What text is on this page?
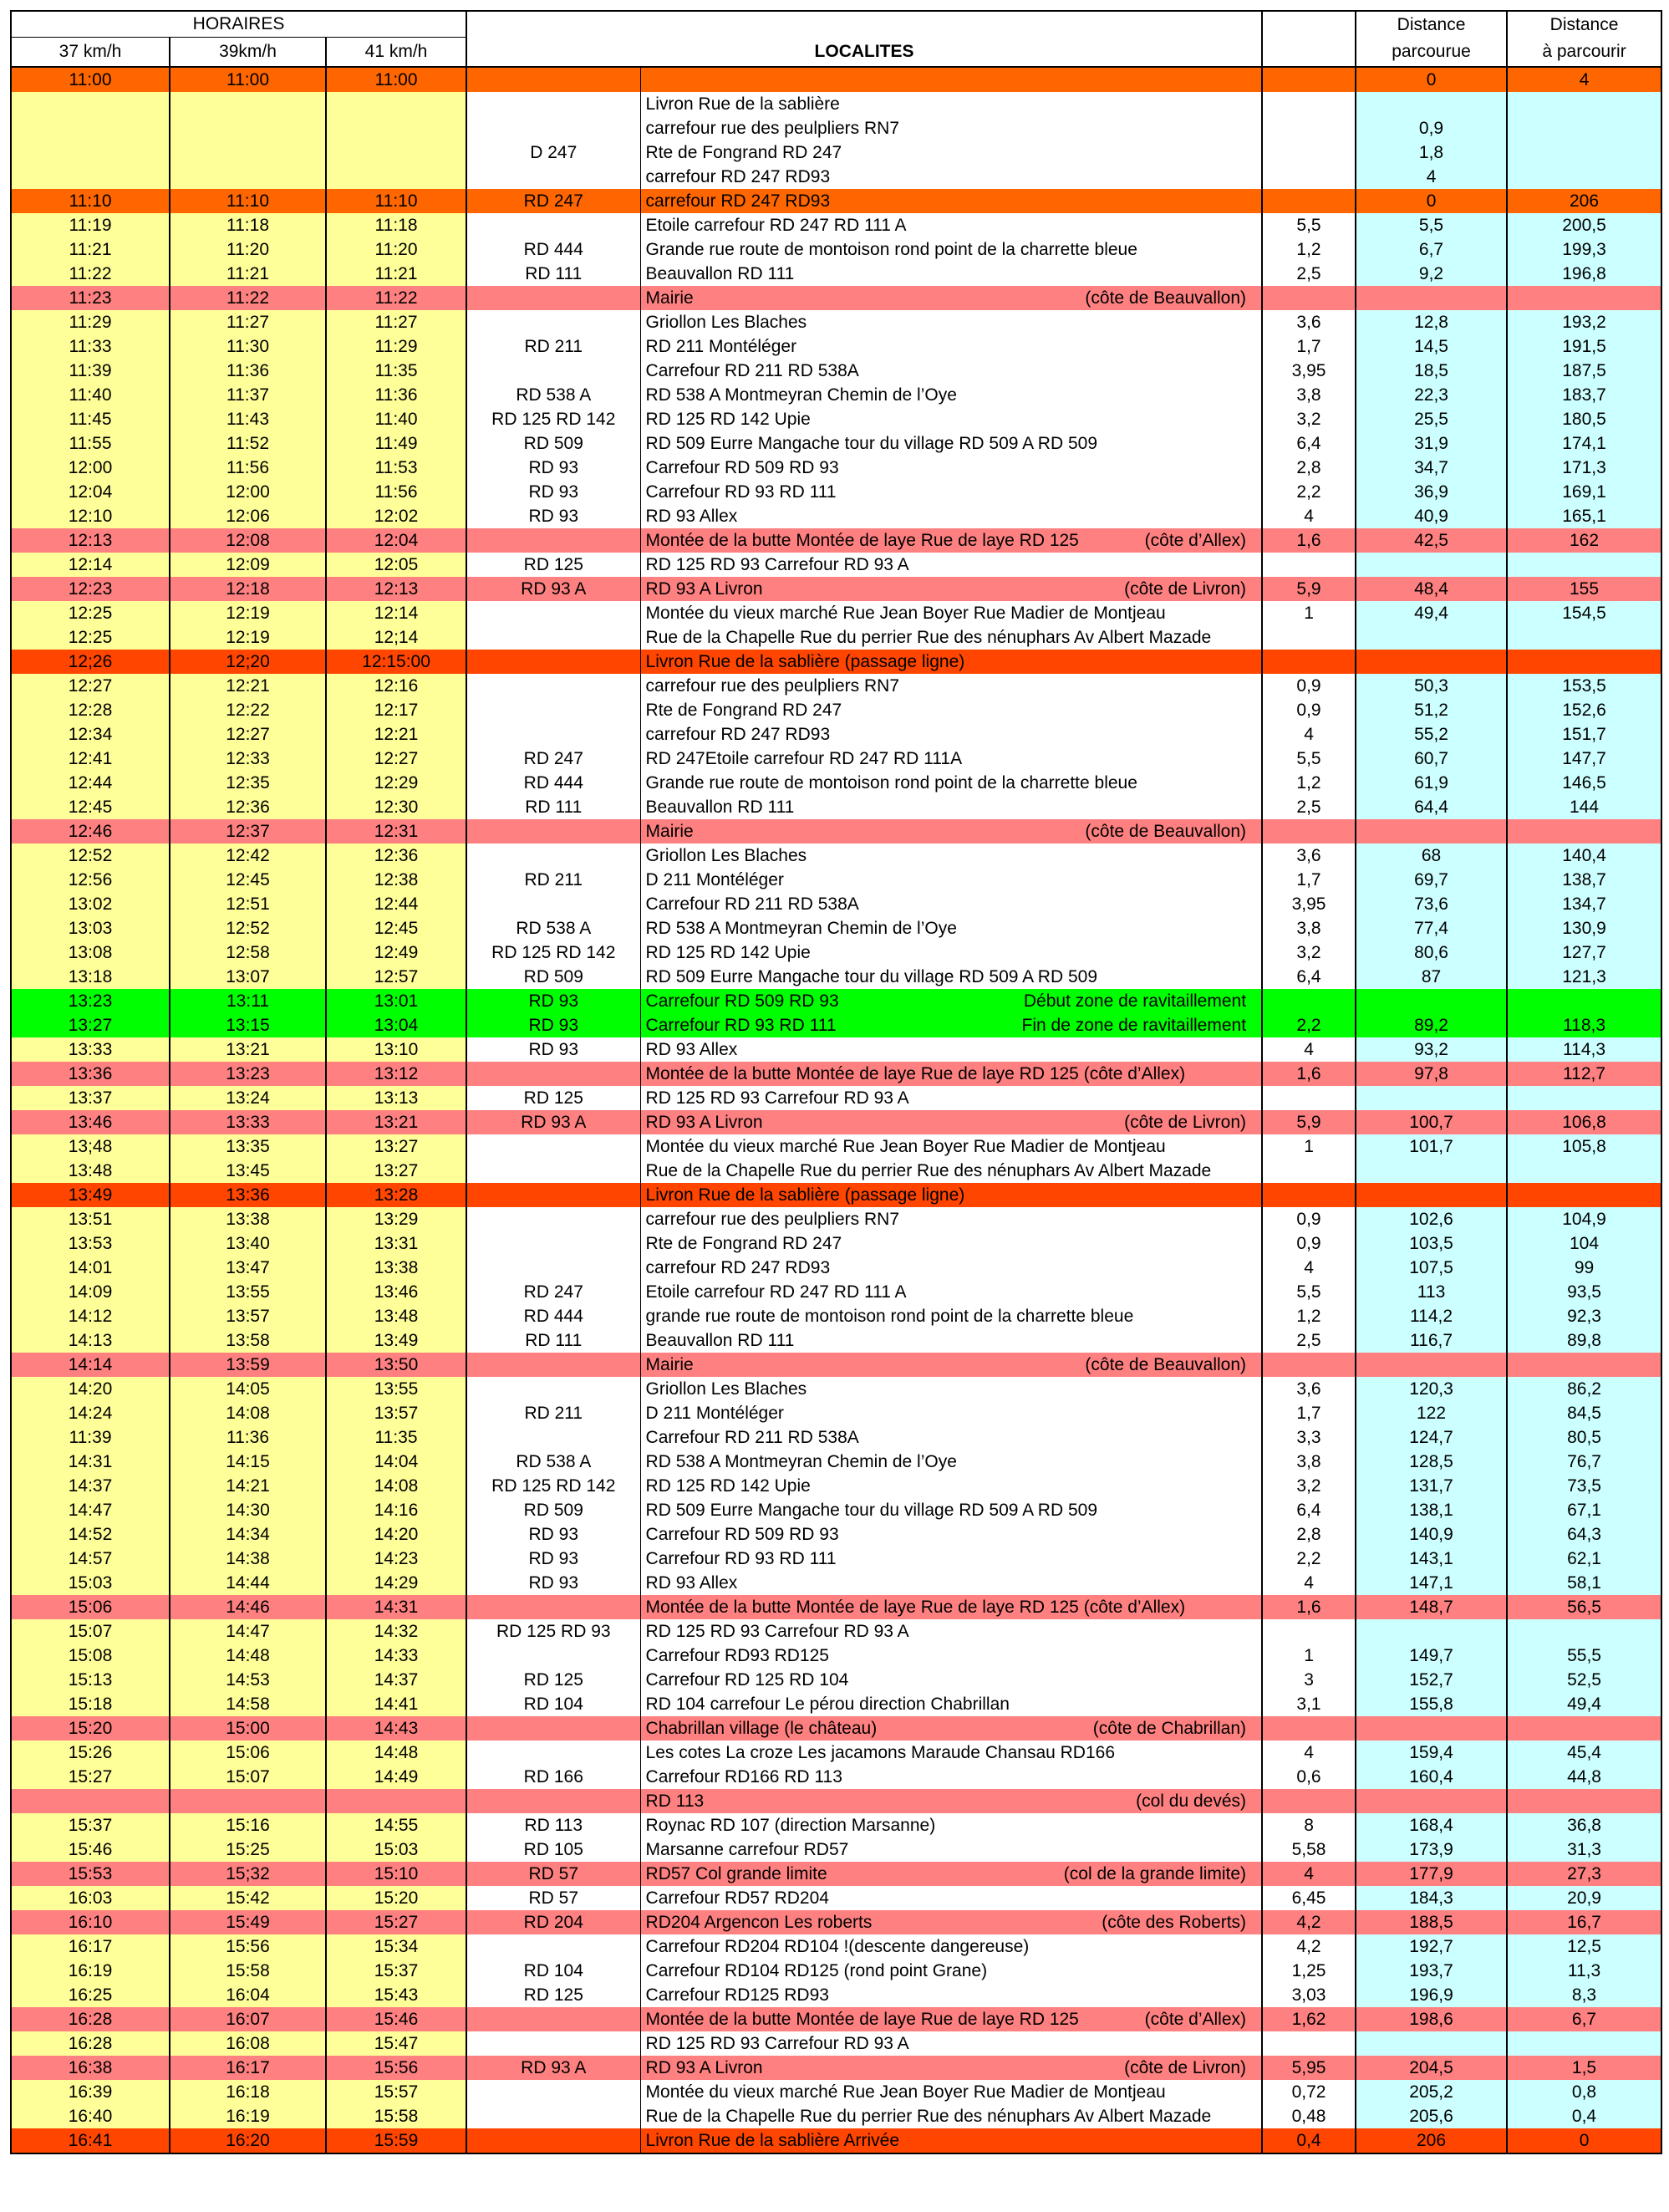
HORAIRES						Distance	Distance
37 km/h	39km/h	41 km/h	LOCALITES			parcourue	à parcourir
11:00	11:00	11:00				0	4

				Livron Rue de la sablière			

				carrefour rue des peulpliers RN7		0,9	
			D 247	Rte de Fongrand RD 247		1,8	

				carrefour RD 247 RD93		4	
11:10	11:10	11:10	RD 247	carrefour RD 247 RD93		0	206
11:19	11:18	11:18		Etoile carrefour RD 247 RD 111 A	5,5	5,5	200,5
11:21	11:20	11:20	RD 444	Grande rue route de montoison rond point de la charrette bleue	1,2	6,7	199,3
11:22	11:21	11:21	RD 111	Beauvallon RD 111	2,5	9,2	196,8
11:23	11:22	11:22		Mairie (côte de Beauvallon)			

11:29	11:27	11:27		Griollon Les Blaches	3,6	12,8	193,2
11:33	11:30	11:29	RD 211	RD 211 Montéléger	1,7	14,5	191,5
11:39	11:36	11:35		Carrefour RD 211 RD 538A	3,95	18,5	187,5
11:40	11:37	11:36	RD 538 A	RD 538 A Montmeyran Chemin de l’Oye	3,8	22,3	183,7
11:45	11:43	11:40	RD 125 RD 142	RD 125 RD 142 Upie	3,2	25,5	180,5
11:55	11:52	11:49	RD 509	RD 509 Eurre Mangache tour du village RD 509 A RD 509	6,4	31,9	174,1
12:00	11:56	11:53	RD 93	Carrefour RD 509 RD 93	2,8	34,7	171,3
12:04	12:00	11:56	RD 93	Carrefour RD 93 RD 111	2,2	36,9	169,1
12:10	12:06	12:02	RD 93	RD 93 Allex	4	40,9	165,1
12:13	12:08	12:04		Montée de la butte Montée de laye Rue de laye RD 125 (côte d’Allex)	1,6	42,5	162
12:14	12:09	12:05	RD 125	RD 125 RD 93 Carrefour RD 93 A			

12:23	12:18	12:13	RD 93 A	RD 93 A Livron (côte de Livron)	5,9	48,4	155
12:25	12:19	12:14		Montée du vieux marché Rue Jean Boyer Rue Madier de Montjeau	1	49,4	154,5
12:25	12:19	12;14		Rue de la Chapelle Rue du perrier Rue des nénuphars Av Albert Mazade			

12;26	12;20	12:15:00		Livron Rue de la sablière (passage ligne)			

12:27	12:21	12:16		carrefour rue des peulpliers RN7	0,9	50,3	153,5
12:28	12:22	12:17		Rte de Fongrand RD 247	0,9	51,2	152,6
12:34	12:27	12:21		carrefour RD 247 RD93	4	55,2	151,7
12:41	12:33	12:27	RD 247	RD 247Etoile carrefour RD 247 RD 111A	5,5	60,7	147,7
12:44	12:35	12:29	RD 444	Grande rue route de montoison rond point de la charrette bleue	1,2	61,9	146,5
12:45	12:36	12:30	RD 111	Beauvallon RD 111	2,5	64,4	144
12:46	12:37	12:31		Mairie (côte de Beauvallon)			

12:52	12:42	12:36		Griollon Les Blaches	3,6	68	140,4
12:56	12:45	12:38	RD 211	D 211 Montéléger	1,7	69,7	138,7
13:02	12:51	12:44		Carrefour RD 211 RD 538A	3,95	73,6	134,7
13:03	12:52	12:45	RD 538 A	RD 538 A Montmeyran Chemin de l’Oye	3,8	77,4	130,9
13:08	12:58	12:49	RD 125 RD 142	RD 125 RD 142 Upie	3,2	80,6	127,7
13:18	13:07	12:57	RD 509	RD 509 Eurre Mangache tour du village RD 509 A RD 509	6,4	87	121,3
13:23	13:11	13:01	RD 93	Carrefour RD 509 RD 93 Début zone de ravitaillement			

13:27	13:15	13:04	RD 93	Carrefour RD 93 RD 111 Fin de zone de ravitaillement	2,2	89,2	118,3
13:33	13:21	13:10	RD 93	RD 93 Allex	4	93,2	114,3
13:36	13:23	13:12		Montée de la butte Montée de laye Rue de laye RD 125 (côte d’Allex)	1,6	97,8	112,7
13:37	13:24	13:13	RD 125	RD 125 RD 93 Carrefour RD 93 A			

13:46	13:33	13:21	RD 93 A	RD 93 A Livron (côte de Livron)	5,9	100,7	106,8
13;48	13:35	13:27		Montée du vieux marché Rue Jean Boyer Rue Madier de Montjeau	1	101,7	105,8
13:48	13:45	13:27		Rue de la Chapelle Rue du perrier Rue des nénuphars Av Albert Mazade			

13:49	13:36	13:28		Livron Rue de la sablière (passage ligne)			

13:51	13:38	13:29		carrefour rue des peulpliers RN7	0,9	102,6	104,9
13:53	13:40	13:31		Rte de Fongrand RD 247	0,9	103,5	104
14:01	13:47	13:38		carrefour RD 247 RD93	4	107,5	99
14:09	13:55	13:46	RD 247	Etoile carrefour RD 247 RD 111 A	5,5	113	93,5
14:12	13:57	13:48	RD 444	grande rue route de montoison rond point de la charrette bleue	1,2	114,2	92,3
14:13	13:58	13:49	RD 111	Beauvallon RD 111	2,5	116,7	89,8
14:14	13:59	13:50		Mairie (côte de Beauvallon)			

14:20	14:05	13:55		Griollon Les Blaches	3,6	120,3	86,2
14:24	14:08	13:57	RD 211	D 211 Montéléger	1,7	122	84,5
11:39	11:36	11:35		Carrefour RD 211 RD 538A	3,3	124,7	80,5
14:31	14:15	14:04	RD 538 A	RD 538 A Montmeyran Chemin de l’Oye	3,8	128,5	76,7
14:37	14:21	14:08	RD 125 RD 142	RD 125 RD 142 Upie	3,2	131,7	73,5
14:47	14:30	14:16	RD 509	RD 509 Eurre Mangache tour du village RD 509 A RD 509	6,4	138,1	67,1
14:52	14:34	14:20	RD 93	Carrefour RD 509 RD 93	2,8	140,9	64,3
14:57	14:38	14:23	RD 93	Carrefour RD 93 RD 111	2,2	143,1	62,1
15:03	14:44	14:29	RD 93	RD 93 Allex	4	147,1	58,1
15:06	14:46	14:31		Montée de la butte Montée de laye Rue de laye RD 125 (côte d’Allex)	1,6	148,7	56,5
15:07	14:47	14:32	RD 125 RD 93	RD 125 RD 93 Carrefour RD 93 A			

15:08	14:48	14:33		Carrefour RD93 RD125	1	149,7	55,5
15:13	14:53	14:37	RD 125	Carrefour RD 125 RD 104	3	152,7	52,5
15:18	14:58	14:41	RD 104	RD 104 carrefour Le pérou direction Chabrillan	3,1	155,8	49,4
15:20	15:00	14:43		Chabrillan village (le château) (côte de Chabrillan)			

15:26	15:06	14:48		Les cotes La croze Les jacamons Maraude Chansau RD166	4	159,4	45,4
15:27	15:07	14:49	RD 166	Carrefour RD166 RD 113	0,6	160,4	44,8

				RD 113 (col du devés)			

15:37	15:16	14:55	RD 113	Roynac RD 107 (direction Marsanne)	8	168,4	36,8
15:46	15:25	15:03	RD 105	Marsanne carrefour RD57	5,58	173,9	31,3
15:53	15;32	15:10	RD 57	RD57 Col grande limite (col de la grande limite)	4	177,9	27,3
16:03	15:42	15:20	RD 57	Carrefour RD57 RD204	6,45	184,3	20,9
16:10	15:49	15:27	RD 204	RD204 Argencon Les roberts (côte des Roberts)	4,2	188,5	16,7
16:17	15:56	15:34		Carrefour RD204 RD104 !(descente dangereuse)	4,2	192,7	12,5
16:19	15:58	15:37	RD 104	Carrefour RD104 RD125 (rond point Grane)	1,25	193,7	11,3
16:25	16:04	15:43	RD 125	Carrefour RD125 RD93	3,03	196,9	8,3
16:28	16:07	15:46		Montée de la butte Montée de laye Rue de laye RD 125 (côte d’Allex)	1,62	198,6	6,7
16:28	16:08	15:47		RD 125 RD 93 Carrefour RD 93 A			

16:38	16:17	15:56	RD 93 A	RD 93 A Livron (côte de Livron)	5,95	204,5	1,5
16:39	16:18	15:57		Montée du vieux marché Rue Jean Boyer Rue Madier de Montjeau	0,72	205,2	0,8
16:40	16:19	15:58		Rue de la Chapelle Rue du perrier Rue des nénuphars Av Albert Mazade	0,48	205,6	0,4
16:41	16:20	15:59		Livron Rue de la sablière Arrivée	0,4	206	0
